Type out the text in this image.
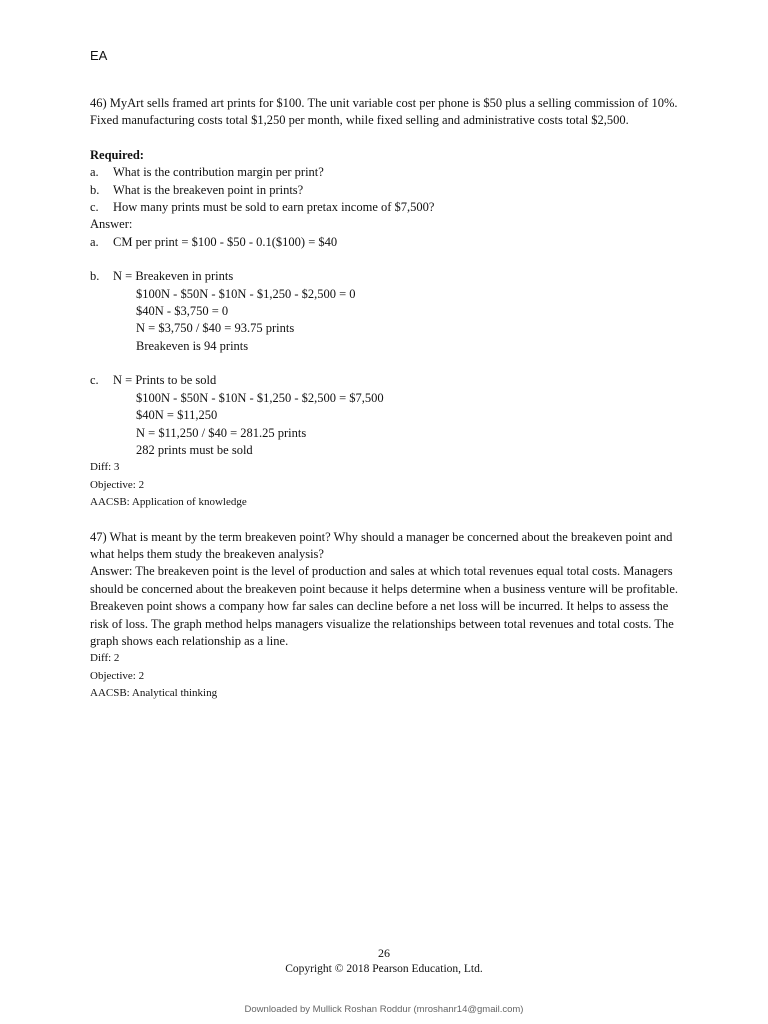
EA

46) MyArt sells framed art prints for $100. The unit variable cost per phone is $50 plus a selling commission of 10%. Fixed manufacturing costs total $1,250 per month, while fixed selling and administrative costs total $2,500.

Required:
a.	What is the contribution margin per print?
b.	What is the breakeven point in prints?
c.	How many prints must be sold to earn pretax income of $7,500?
Answer:
a.	CM per print = $100 - $50 - 0.1($100) = $40
b.	N = Breakeven in prints
$100N - $50N - $10N - $1,250 - $2,500 = 0
$40N - $3,750 = 0
N = $3,750 / $40 = 93.75 prints
Breakeven is 94 prints
c.	N = Prints to be sold
$100N - $50N - $10N - $1,250 - $2,500 = $7,500
$40N = $11,250
N = $11,250 / $40 = 281.25 prints
282 prints must be sold
Diff: 3
Objective: 2
AACSB: Application of knowledge

47) What is meant by the term breakeven point? Why should a manager be concerned about the breakeven point and what helps them study the breakeven analysis?

Answer: The breakeven point is the level of production and sales at which total revenues equal total costs. Managers should be concerned about the breakeven point because it helps determine when a business venture will be profitable. Breakeven point shows a company how far sales can decline before a net loss will be incurred. It helps to assess the risk of loss. The graph method helps managers visualize the relationships between total revenues and total costs. The graph shows each relationship as a line.

Diff: 2
Objective: 2
AACSB: Analytical thinking
26
Copyright © 2018 Pearson Education, Ltd.
Downloaded by Mullick Roshan Roddur (mroshanr14@gmail.com)
